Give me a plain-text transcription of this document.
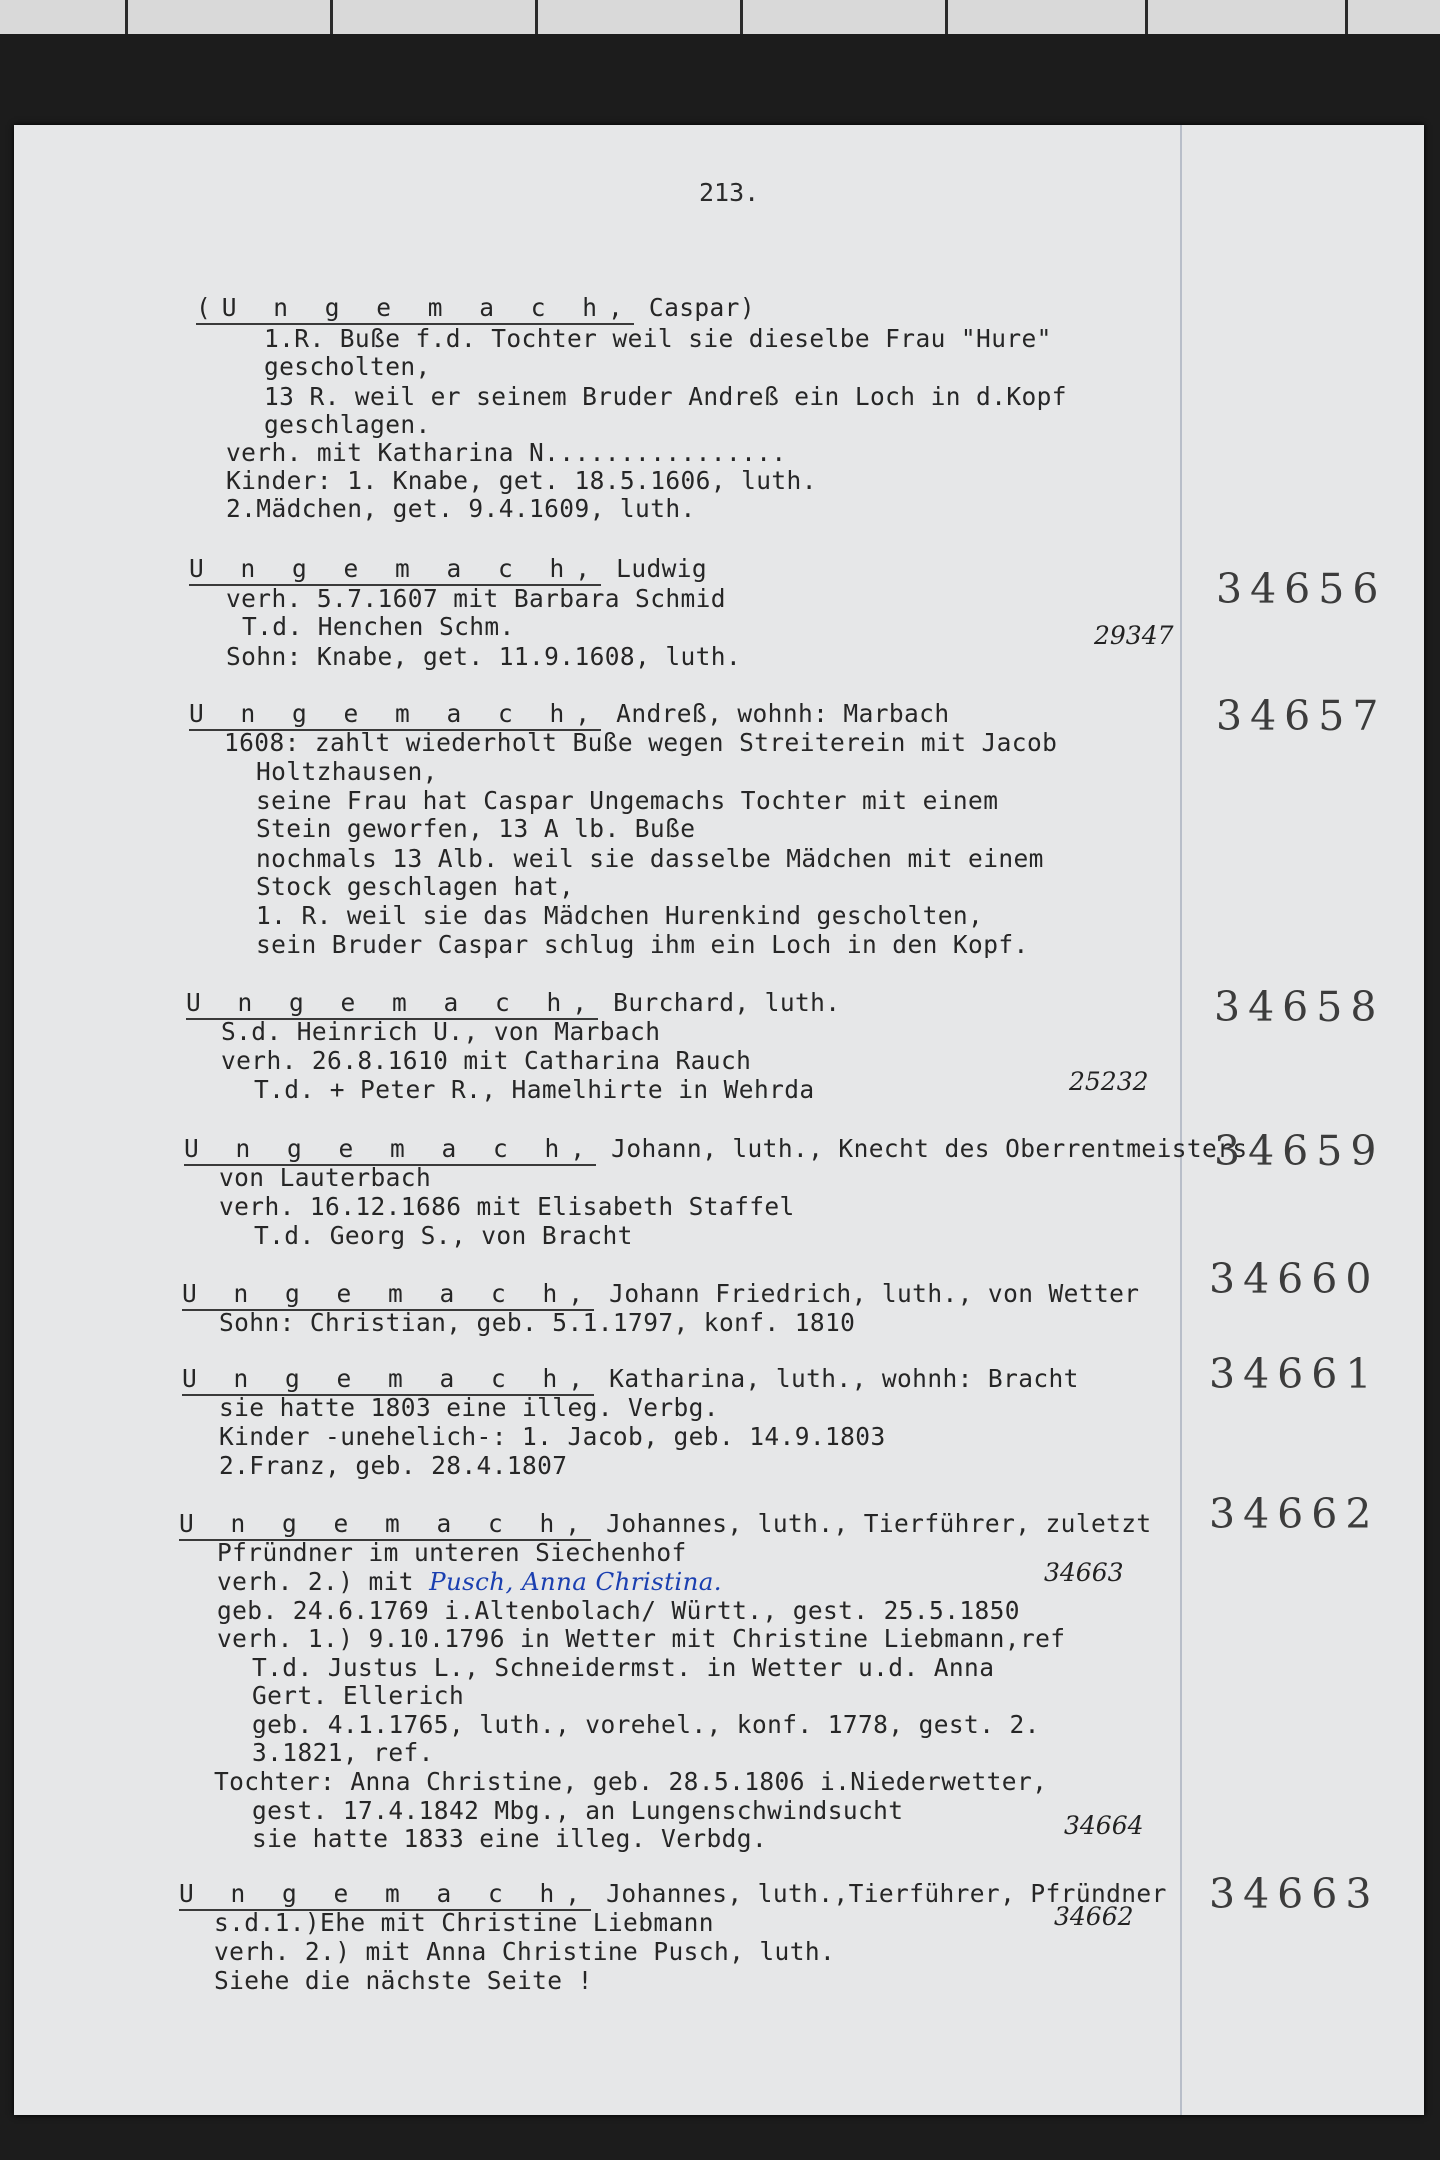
213.
(U n g e m a c h, Caspar)
1.R. Buße f.d. Tochter weil sie dieselbe Frau "Hure"
gescholten,
13 R. weil er seinem Bruder Andreß ein Loch in d.Kopf
geschlagen.
verh. mit Katharina N................
Kinder: 1. Knabe, get. 18.5.1606, luth.
2.Mädchen, get. 9.4.1609, luth.
U n g e m a c h, Ludwig
verh. 5.7.1607 mit Barbara Schmid
T.d. Henchen Schm.
Sohn: Knabe, get. 11.9.1608, luth.
34656
29347
U n g e m a c h, Andreß, wohnh: Marbach
1608: zahlt wiederholt Buße wegen Streiterein mit Jacob
Holtzhausen,
seine Frau hat Caspar Ungemachs Tochter mit einem
Stein geworfen, 13 A lb. Buße
nochmals 13 Alb. weil sie dasselbe Mädchen mit einem
Stock geschlagen hat,
1. R. weil sie das Mädchen Hurenkind gescholten,
sein Bruder Caspar schlug ihm ein Loch in den Kopf.
34657
U n g e m a c h, Burchard, luth.
S.d. Heinrich U., von Marbach
verh. 26.8.1610 mit Catharina Rauch
T.d. + Peter R., Hamelhirte in Wehrda
34658
25232
U n g e m a c h, Johann, luth., Knecht des Oberrentmeisters
von Lauterbach
verh. 16.12.1686 mit Elisabeth Staffel
T.d. Georg S., von Bracht
34659
U n g e m a c h, Johann Friedrich, luth., von Wetter
Sohn: Christian, geb. 5.1.1797, konf. 1810
34660
U n g e m a c h, Katharina, luth., wohnh: Bracht
sie hatte 1803 eine illeg. Verbg.
Kinder -unehelich-: 1. Jacob, geb. 14.9.1803
2.Franz, geb. 28.4.1807
34661
U n g e m a c h, Johannes, luth., Tierführer, zuletzt
Pfründner im unteren Siechenhof
verh. 2.) mit Pusch, Anna Christina.
geb. 24.6.1769 i.Altenbolach/ Württ., gest. 25.5.1850
verh. 1.) 9.10.1796 in Wetter mit Christine Liebmann,ref
T.d. Justus L., Schneidermst. in Wetter u.d. Anna
Gert. Ellerich
geb. 4.1.1765, luth., vorehel., konf. 1778, gest. 2.
3.1821, ref.
Tochter: Anna Christine, geb. 28.5.1806 i.Niederwetter,
gest. 17.4.1842 Mbg., an Lungenschwindsucht
sie hatte 1833 eine illeg. Verbdg.
34662
34663
34664
U n g e m a c h, Johannes, luth.,Tierführer, Pfründner
s.d.1.)Ehe mit Christine Liebmann
verh. 2.) mit Anna Christine Pusch, luth.
Siehe die nächste Seite !
34663
34662
